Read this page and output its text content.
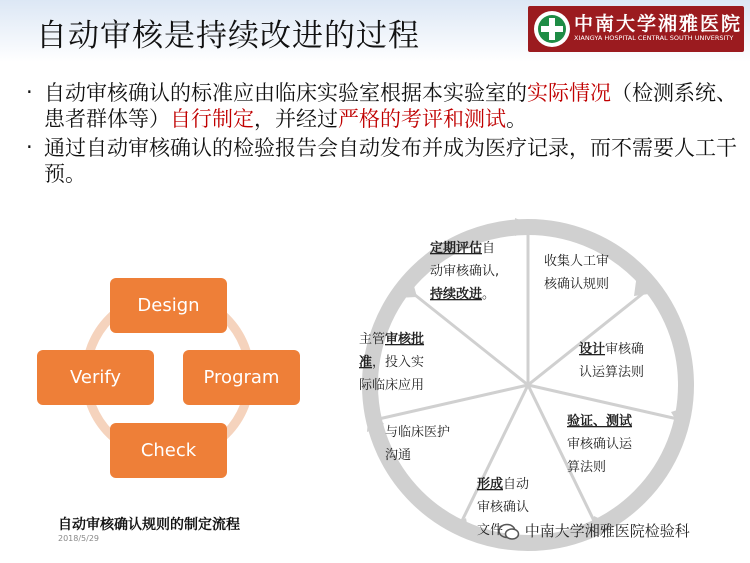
自动审核是持续改进的过程	中南大学湘雅医院
XIANGYA HOSPITAL CENTRAL SOUTH UNIVERSITY
· 自动审核确认的标准应由临床实验室根据本实验室的实际情况（检测系统、患者群体等）自行制定，并经过严格的考评和测试。
· 通过自动审核确认的检验报告会自动发布并成为医疗记录，而不需要人工干预。
Design
Program
Check
Verify
自动审核确认规则的制定流程
2018/5/29
收集人工审 核确认规则
设计审核确 认运算法则
验证、测试 审核确认运 算法则
形成自动 审核确认 文件
与临床医护 沟通
主管审核批 准，投入实 际临床应用
定期评估自 动审核确认, 持续改进。
中南大学湘雅医院检验科
